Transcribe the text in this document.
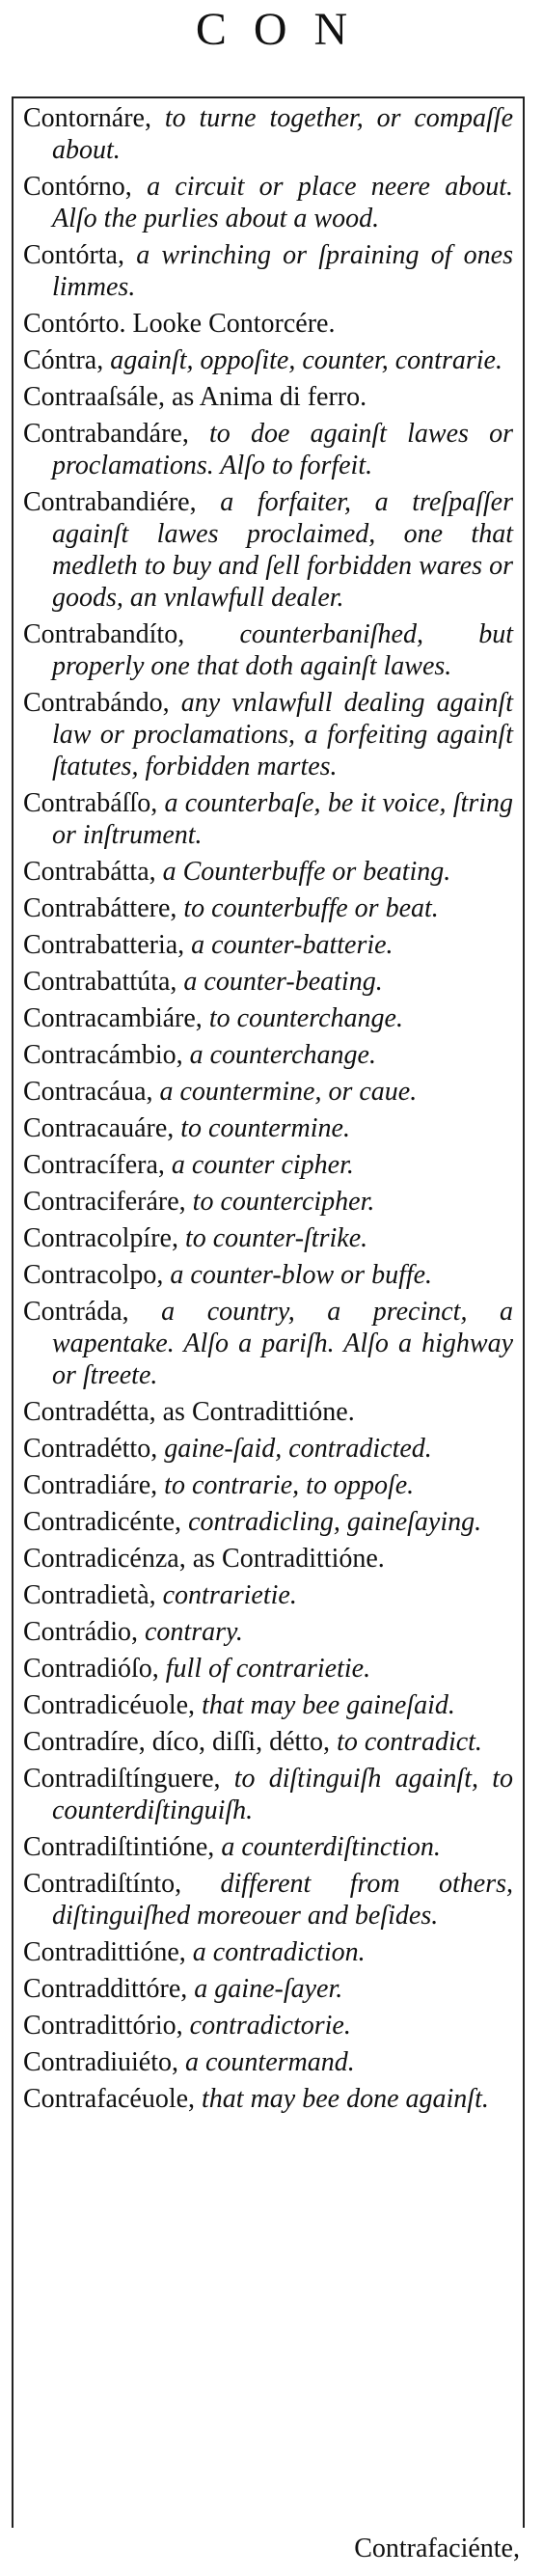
CON
Contornáre, to turne together, or compaſſe about.
Contórno, a circuit or place neere about. Alſo the purlies about a wood.
Contórta, a wrinching or ſpraining of ones limmes.
Contórto. Looke Contorcére.
Cóntra, againſt, oppoſite, counter, contrarie.
Contraaſsále, as Anima di ferro.
Contrabandáre, to doe againſt lawes or proclamations. Alſo to forfeit.
Contrabandiére, a forfaiter, a treſpaſſer againſt lawes proclaimed, one that medleth to buy and ſell forbidden wares or goods, an vnlawfull dealer.
Contrabandíto, counterbaniſhed, but properly one that doth againſt lawes.
Contrabándo, any vnlawfull dealing againſt law or proclamations, a forfeiting againſt ſtatutes, forbidden martes.
Contrabáſſo, a counterbaſe, be it voice, ſtring or inſtrument.
Contrabátta, a Counterbuffe or beating.
Contrabáttere, to counterbuffe or beat.
Contrabatteria, a counter-batterie.
Contrabattúta, a counter-beating.
Contracambiáre, to counterchange.
Contracámbio, a counterchange.
Contracáua, a countermine, or caue.
Contracauáre, to countermine.
Contracífera, a counter cipher.
Contraciferáre, to countercipher.
Contracolpíre, to counter-ſtrike.
Contracolpo, a counter-blow or buffe.
Contráda, a country, a precinct, a wapentake. Alſo a pariſh. Alſo a highway or ſtreete.
Contradétta, as Contradittióne.
Contradétto, gaine-ſaid, contradicted.
Contradiáre, to contrarie, to oppoſe.
Contradicénte, contradicling, gaineſaying.
Contradicénza, as Contradittióne.
Contradietà, contrarietie.
Contrádio, contrary.
Contradióſo, full of contrarietie.
Contradicéuole, that may bee gaineſaid.
Contradíre, díco, diſſi, détto, to contradict.
Contradiſtínguere, to diſtinguiſh againſt, to counterdiſtinguiſh.
Contradiſtintióne, a counterdiſtinction.
Contradiſtínto, different from others, diſtinguiſhed moreouer and beſides.
Contradittióne, a contradiction.
Contraddittóre, a gaine-ſayer.
Contradittório, contradictorie.
Contradiuiéto, a countermand.
Contrafacéuole, that may bee done againſt.
Contrafaciénte,
